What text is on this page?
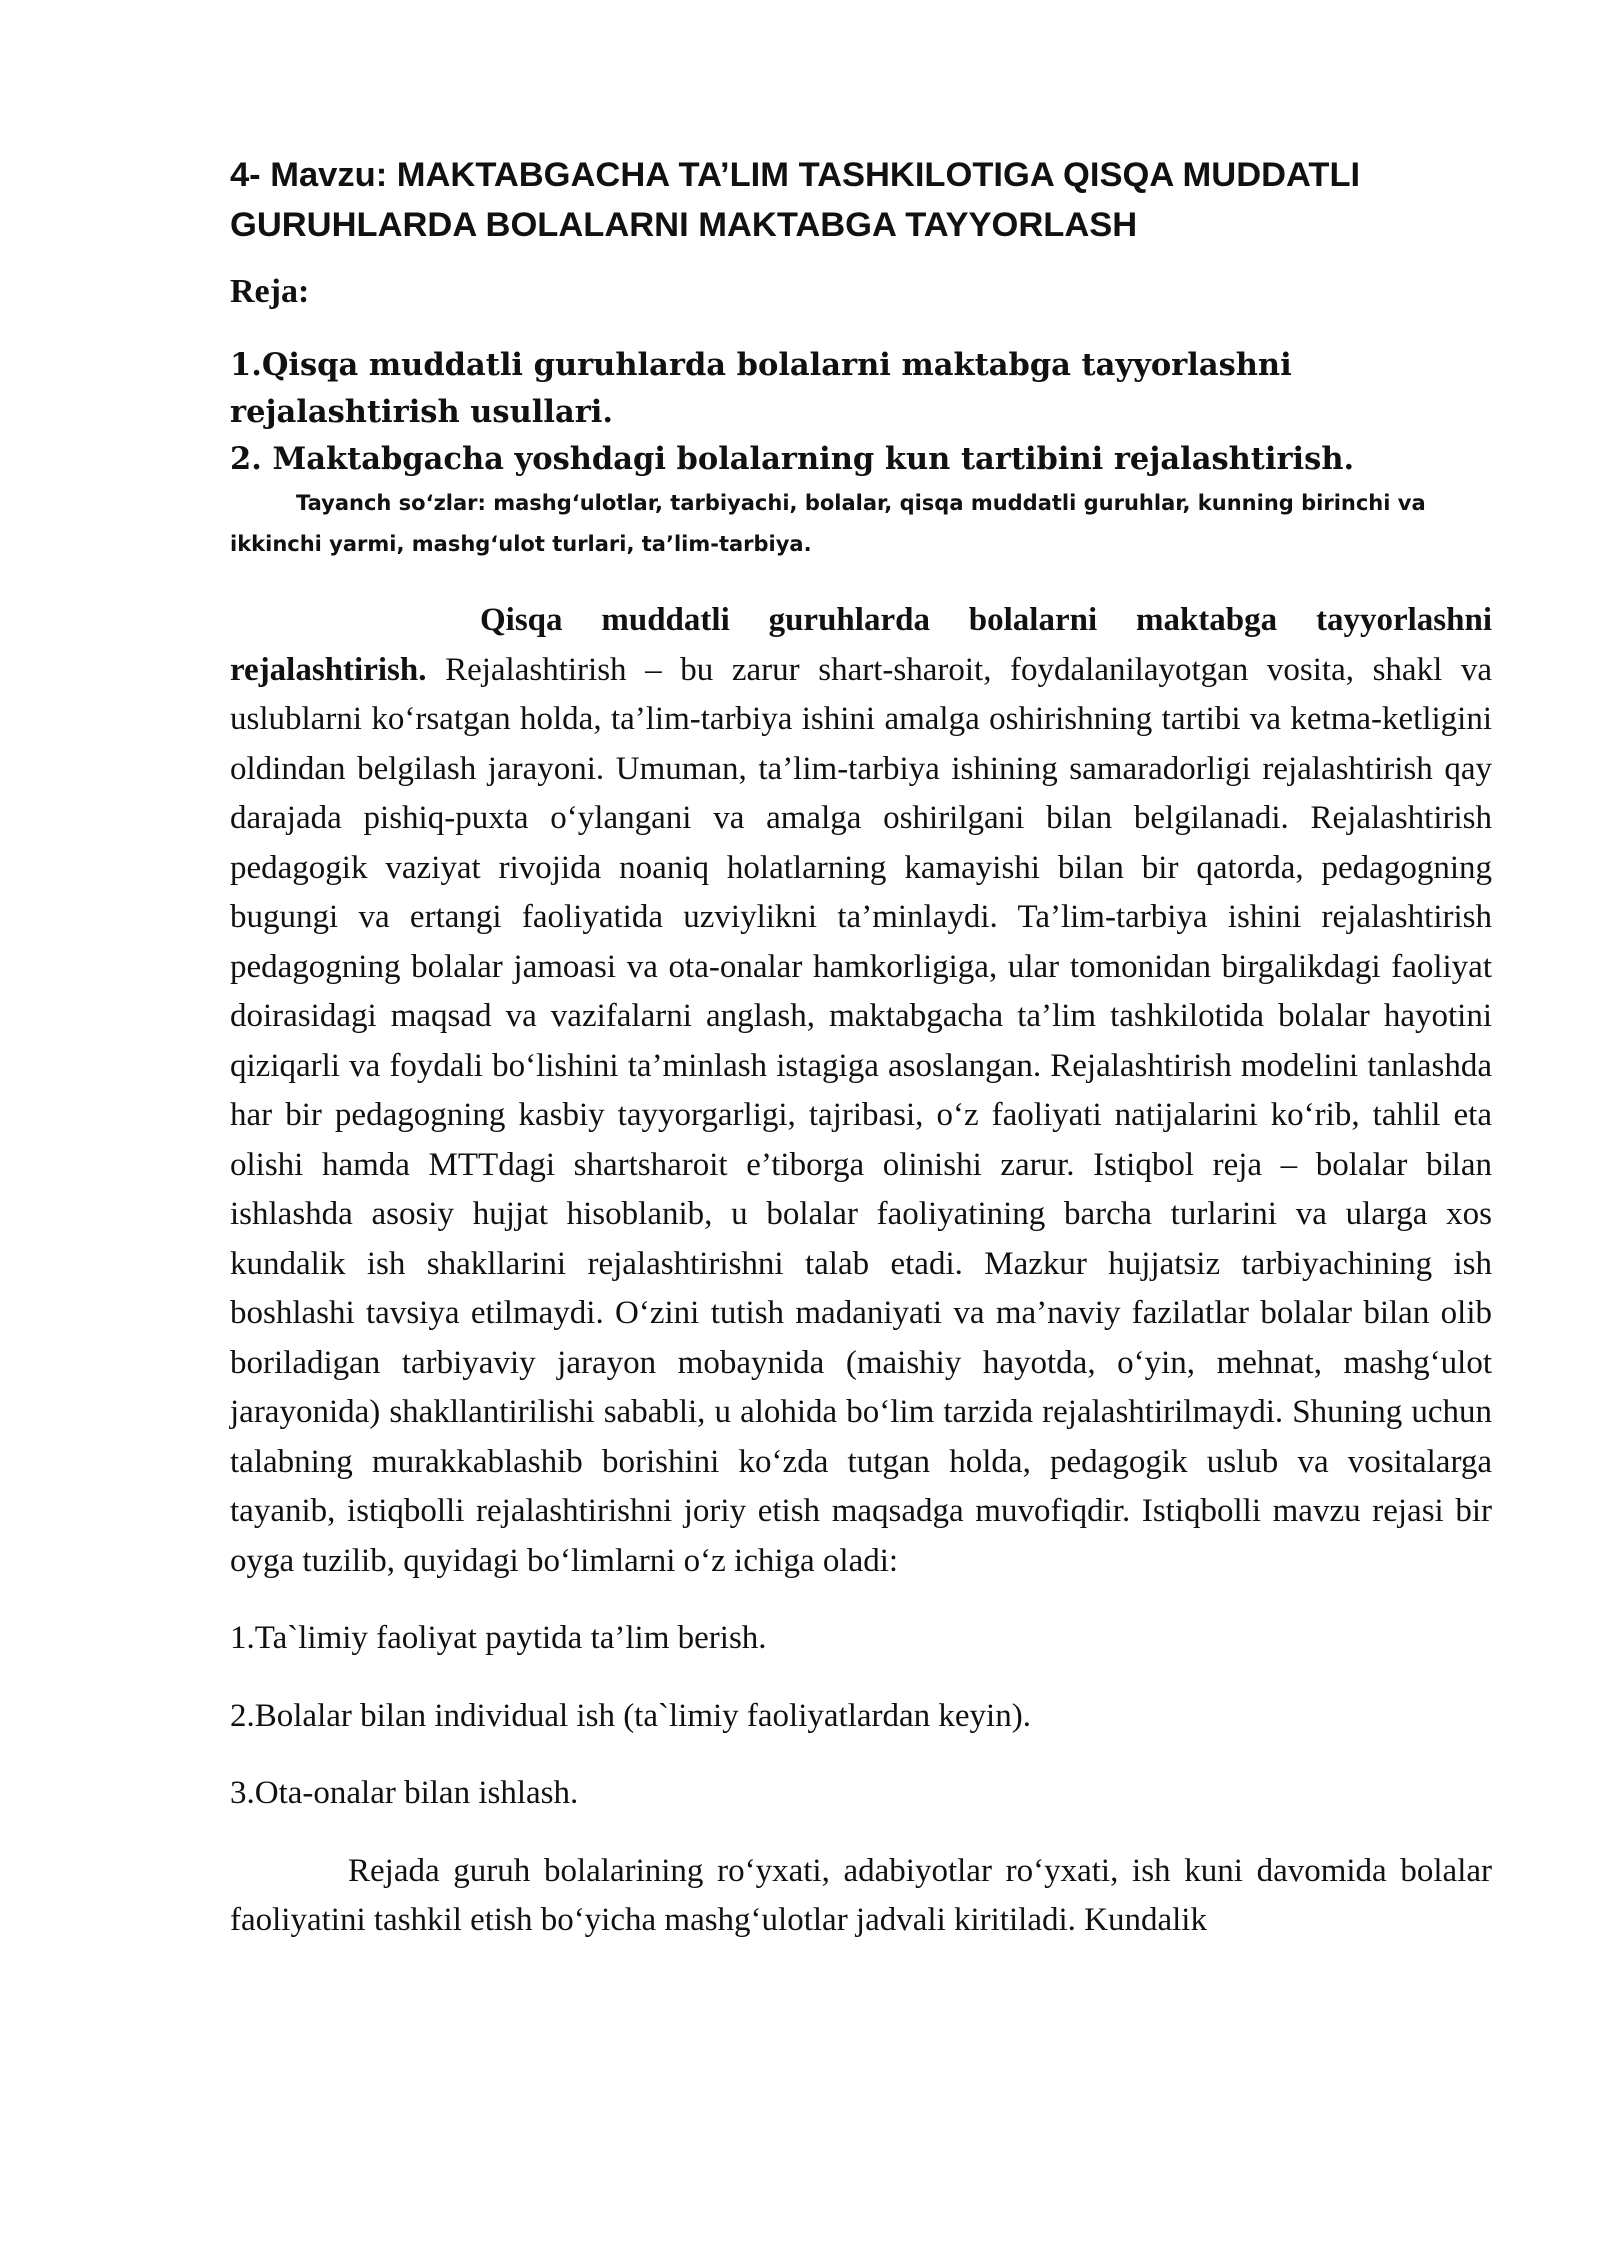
4- Mavzu: MAKTABGACHA TA’LIM TASHKILOTIGA QISQA MUDDATLI GURUHLARDA BOLALARNI MAKTABGA TAYYORLASH

Reja:

1.Qisqa muddatli guruhlarda bolalarni maktabga tayyorlashni rejalashtirish usullari.

2. Maktabgacha yoshdagi bolalarning kun tartibini rejalashtirish.

Tayanch so‘zlar: mashg‘ulotlar, tarbiyachi, bolalar, qisqa muddatli guruhlar, kunning birinchi va ikkinchi yarmi, mashg‘ulot turlari, ta’lim-tarbiya.

Qisqa muddatli guruhlarda bolalarni maktabga tayyorlashni rejalashtirish. Rejalashtirish – bu zarur shart-sharoit, foydalanilayotgan vosita, shakl va uslublarni ko‘rsatgan holda, ta’lim-tarbiya ishini amalga oshirishning tartibi va ketma-ketligini oldindan belgilash jarayoni. Umuman, ta’lim-tarbiya ishining samaradorligi rejalashtirish qay darajada pishiq-puxta o‘ylangani va amalga oshirilgani bilan belgilanadi. Rejalashtirish pedagogik vaziyat rivojida noaniq holatlarning kamayishi bilan bir qatorda, pedagogning bugungi va ertangi faoliyatida uzviylikni ta’minlaydi. Ta’lim-tarbiya ishini rejalashtirish pedagogning bolalar jamoasi va ota-onalar hamkorligiga, ular tomonidan birgalikdagi faoliyat doirasidagi maqsad va vazifalarni anglash, maktabgacha ta’lim tashkilotida bolalar hayotini qiziqarli va foydali bo‘lishini ta’minlash istagiga asoslangan. Rejalashtirish modelini tanlashda har bir pedagogning kasbiy tayyorgarligi, tajribasi, o‘z faoliyati natijalarini ko‘rib, tahlil eta olishi hamda MTTdagi shartsharoit e’tiborga olinishi zarur. Istiqbol reja – bolalar bilan ishlashda asosiy hujjat hisoblanib, u bolalar faoliyatining barcha turlarini va ularga xos kundalik ish shakllarini rejalashtirishni talab etadi. Mazkur hujjatsiz tarbiyachining ish boshlashi tavsiya etilmaydi. O‘zini tutish madaniyati va ma’naviy fazilatlar bolalar bilan olib boriladigan tarbiyaviy jarayon mobaynida (maishiy hayotda, o‘yin, mehnat, mashg‘ulot jarayonida) shakllantirilishi sababli, u alohida bo‘lim tarzida rejalashtirilmaydi. Shuning uchun talabning murakkablashib borishini ko‘zda tutgan holda, pedagogik uslub va vositalarga tayanib, istiqbolli rejalashtirishni joriy etish maqsadga muvofiqdir. Istiqbolli mavzu rejasi bir oyga tuzilib, quyidagi bo‘limlarni o‘z ichiga oladi:

1.Ta`limiy faoliyat paytida ta’lim berish.

2.Bolalar bilan individual ish (ta`limiy faoliyatlardan keyin).

3.Ota-onalar bilan ishlash.

Rejada guruh bolalarining ro‘yxati, adabiyotlar ro‘yxati, ish kuni davomida bolalar faoliyatini tashkil etish bo‘yicha mashg‘ulotlar jadvali kiritiladi. Kundalik
